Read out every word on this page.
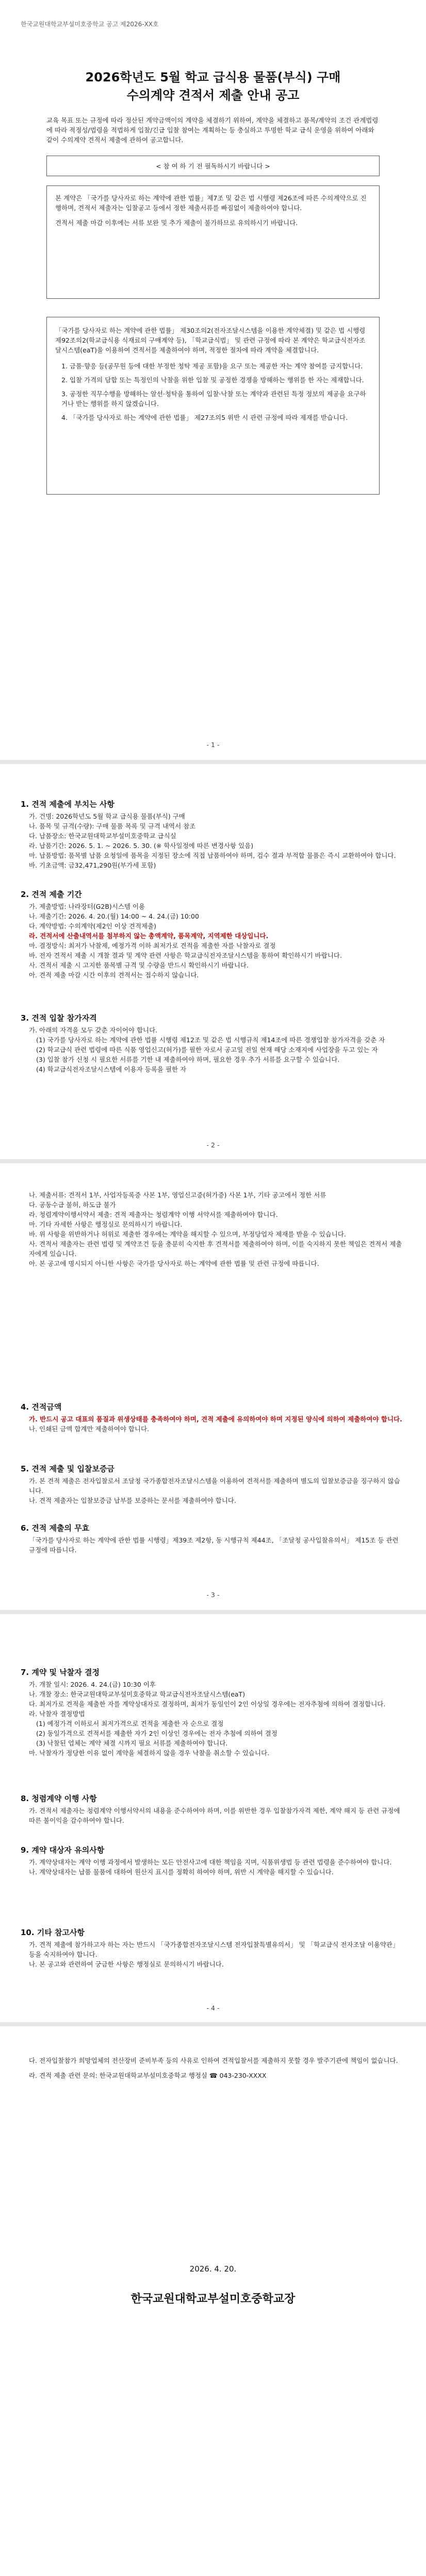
한국교원대학교부설미호중학교 공고 제2026-XX호
2026학년도 5월 학교 급식용 물품(부식) 구매
수의계약 견적서 제출 안내 공고
교육 목표 또는 규정에 따라 정산된 계약금액이의 계약을 체결하기 위하여, 계약을 체결하고 품목/계약의 조건 관계법령에 따라 적정성/법령을 적법하게 입찰/긴급 입찰 참여는 계획하는 등 충실하고 투명한 학교 급식 운영을 위하여 아래와 같이 수의계약 견적서 제출에 관하여 공고합니다.
< 참 여 하 기 전 필독하시기 바랍니다 >

본 계약은 「국가를 당사자로 하는 계약에 관한 법률」제7조 및 같은 법 시행령 제26조에 따른 수의계약으로 진행하며, 견적서 제출자는 입찰공고 등에서 정한 제출서류를 빠짐없이 제출하여야 합니다.

견적서 제출 마감 이후에는 서류 보완 및 추가 제출이 불가하므로 유의하시기 바랍니다.

「국가를 당사자로 하는 계약에 관한 법률」 제30조의2(전자조달시스템을 이용한 계약체결) 및 같은 법 시행령 제92조의2(학교급식용 식재료의 구매계약 등), 「학교급식법」 및 관련 규정에 따라 본 계약은 학교급식전자조달시스템(eaT)을 이용하여 견적서를 제출하여야 하며, 적정한 절차에 따라 계약을 체결합니다.

1. 금품·향응 등(공무원 등에 대한 부정한 청탁 제공 포함)을 요구 또는 제공한 자는 계약 참여를 금지합니다.

2. 입찰 가격의 담합 또는 특정인의 낙찰을 위한 입찰 및 공정한 경쟁을 방해하는 행위를 한 자는 제재합니다.

3. 공정한 직무수행을 방해하는 알선·청탁을 통하여 입찰·낙찰 또는 계약과 관련된 특정 정보의 제공을 요구하거나 받는 행위를 하지 않겠습니다.

4. 「국가를 당사자로 하는 계약에 관한 법률」 제27조의5 위반 시 관련 규정에 따라 제재를 받습니다.

- 1 -
1. 견적 제출에 부치는 사항

가. 건명: 2026학년도 5월 학교 급식용 물품(부식) 구매

나. 품목 및 규격(수량): 구매 물품 목록 및 규격 내역서 참조

다. 납품장소: 한국교원대학교부설미호중학교 급식실

라. 납품기간: 2026. 5. 1. ~ 2026. 5. 30. (※ 학사일정에 따른 변경사항 있음)

마. 납품방법: 품목별 납품 요청일에 품목을 지정된 장소에 직접 납품하여야 하며, 검수 결과 부적합 물품은 즉시 교환하여야 합니다.

바. 기초금액: 금32,471,290원(부가세 포함)

2. 견적 제출 기간

가. 제출방법: 나라장터(G2B)시스템 이용

나. 제출기간: 2026. 4. 20.(월) 14:00 ~ 4. 24.(금) 10:00

다. 계약방법: 수의계약(제2인 이상 견적제출)

라. 견적서에 산출내역서를 첨부하지 않는 총액계약, 품목계약, 지역제한 대상입니다.

마. 결정방식: 최저가 낙찰제, 예정가격 이하 최저가로 견적을 제출한 자를 낙찰자로 결정

바. 전자 견적서 제출 시 개찰 결과 및 계약 관련 사항은 학교급식전자조달시스템을 통하여 확인하시기 바랍니다.

사. 견적서 제출 시 고지한 품목별 규격 및 수량을 반드시 확인하시기 바랍니다.

아. 견적 제출 마감 시간 이후의 견적서는 접수하지 않습니다.

3. 견적 입찰 참가자격

가. 아래의 자격을 모두 갖춘 자이어야 합니다.

(1) 국가를 당사자로 하는 계약에 관한 법률 시행령 제12조 및 같은 법 시행규칙 제14조에 따른 경쟁입찰 참가자격을 갖춘 자

(2) 학교급식 관련 법령에 따른 식품 영업신고(허가)를 필한 자로서 공고일 전일 현재 해당 소재지에 사업장을 두고 있는 자

(3) 입찰 참가 신청 시 필요한 서류를 기한 내 제출하여야 하며, 필요한 경우 추가 서류를 요구할 수 있습니다.

(4) 학교급식전자조달시스템에 이용자 등록을 필한 자

- 2 -

나. 제출서류: 견적서 1부, 사업자등록증 사본 1부, 영업신고증(허가증) 사본 1부, 기타 공고에서 정한 서류

다. 공동수급 불허, 하도급 불가

라. 청렴계약이행서약서 제출: 견적 제출자는 청렴계약 이행 서약서를 제출하여야 합니다.

마. 기타 자세한 사항은 행정실로 문의하시기 바랍니다.

바. 위 사항을 위반하거나 허위로 제출한 경우에는 계약을 해지할 수 있으며, 부정당업자 제재를 받을 수 있습니다.

사. 견적서 제출자는 관련 법령 및 계약조건 등을 충분히 숙지한 후 견적서를 제출하여야 하며, 이를 숙지하지 못한 책임은 견적서 제출자에게 있습니다.

아. 본 공고에 명시되지 아니한 사항은 국가를 당사자로 하는 계약에 관한 법률 및 관련 규정에 따릅니다.

4. 견적금액

가. 반드시 공고 대표의 품질과 위생상태를 충족하여야 하며, 견적 제출에 유의하여야 하며 지정된 양식에 의하여 제출하여야 합니다.

나. 인쇄된 금액 합계만 제출하여야 합니다.

5. 견적 제출 및 입찰보증금

가. 본 견적 제출은 전자입찰로서 조달청 국가종합전자조달시스템을 이용하여 견적서를 제출하며 별도의 입찰보증금을 징구하지 않습니다.

나. 견적 제출자는 입찰보증금 납부를 보증하는 문서를 제출하여야 합니다.

6. 견적 제출의 무효
「국가를 당사자로 하는 계약에 관한 법률 시행령」제39조 제2항, 동 시행규칙 제44조, 「조달청 공사입찰유의서」 제15조 등 관련 규정에 따릅니다.
- 3 -
7. 계약 및 낙찰자 결정

가. 개찰 일시: 2026. 4. 24.(금) 10:30 이후

나. 개찰 장소: 한국교원대학교부설미호중학교 학교급식전자조달시스템(eaT)

다. 최저가로 견적을 제출한 자를 계약상대자로 결정하며, 최저가 동일인이 2인 이상일 경우에는 전자추첨에 의하여 결정합니다.

라. 낙찰자 결정방법

(1) 예정가격 이하로서 최저가격으로 견적을 제출한 자 순으로 결정

(2) 동일가격으로 견적서를 제출한 자가 2인 이상인 경우에는 전자 추첨에 의하여 결정

(3) 낙찰된 업체는 계약 체결 시까지 필요 서류를 제출하여야 합니다.

마. 낙찰자가 정당한 이유 없이 계약을 체결하지 않을 경우 낙찰을 취소할 수 있습니다.

8. 청렴계약 이행 사항
가. 견적서 제출자는 청렴계약 이행서약서의 내용을 준수하여야 하며, 이를 위반한 경우 입찰참가자격 제한, 계약 해지 등 관련 규정에 따른 불이익을 감수하여야 합니다.
9. 계약 대상자 유의사항

가. 계약상대자는 계약 이행 과정에서 발생하는 모든 안전사고에 대한 책임을 지며, 식품위생법 등 관련 법령을 준수하여야 합니다.

나. 계약상대자는 납품 물품에 대하여 원산지 표시를 정확히 하여야 하며, 위반 시 계약을 해지할 수 있습니다.

10. 기타 참고사항

가. 견적 제출에 참가하고자 하는 자는 반드시 「국가종합전자조달시스템 전자입찰특별유의서」 및 「학교급식 전자조달 이용약관」 등을 숙지하여야 합니다.

나. 본 공고와 관련하여 궁금한 사항은 행정실로 문의하시기 바랍니다.

- 4 -

다. 전자입찰참가 희망업체의 전산장비 준비부족 등의 사유로 인하여 견적입찰서를 제출하지 못할 경우 발주기관에 책임이 없습니다.

라. 견적 제출 관련 문의: 한국교원대학교부설미호중학교 행정실 ☎ 043-230-XXXX

2026. 4. 20.
한국교원대학교부설미호중학교장
